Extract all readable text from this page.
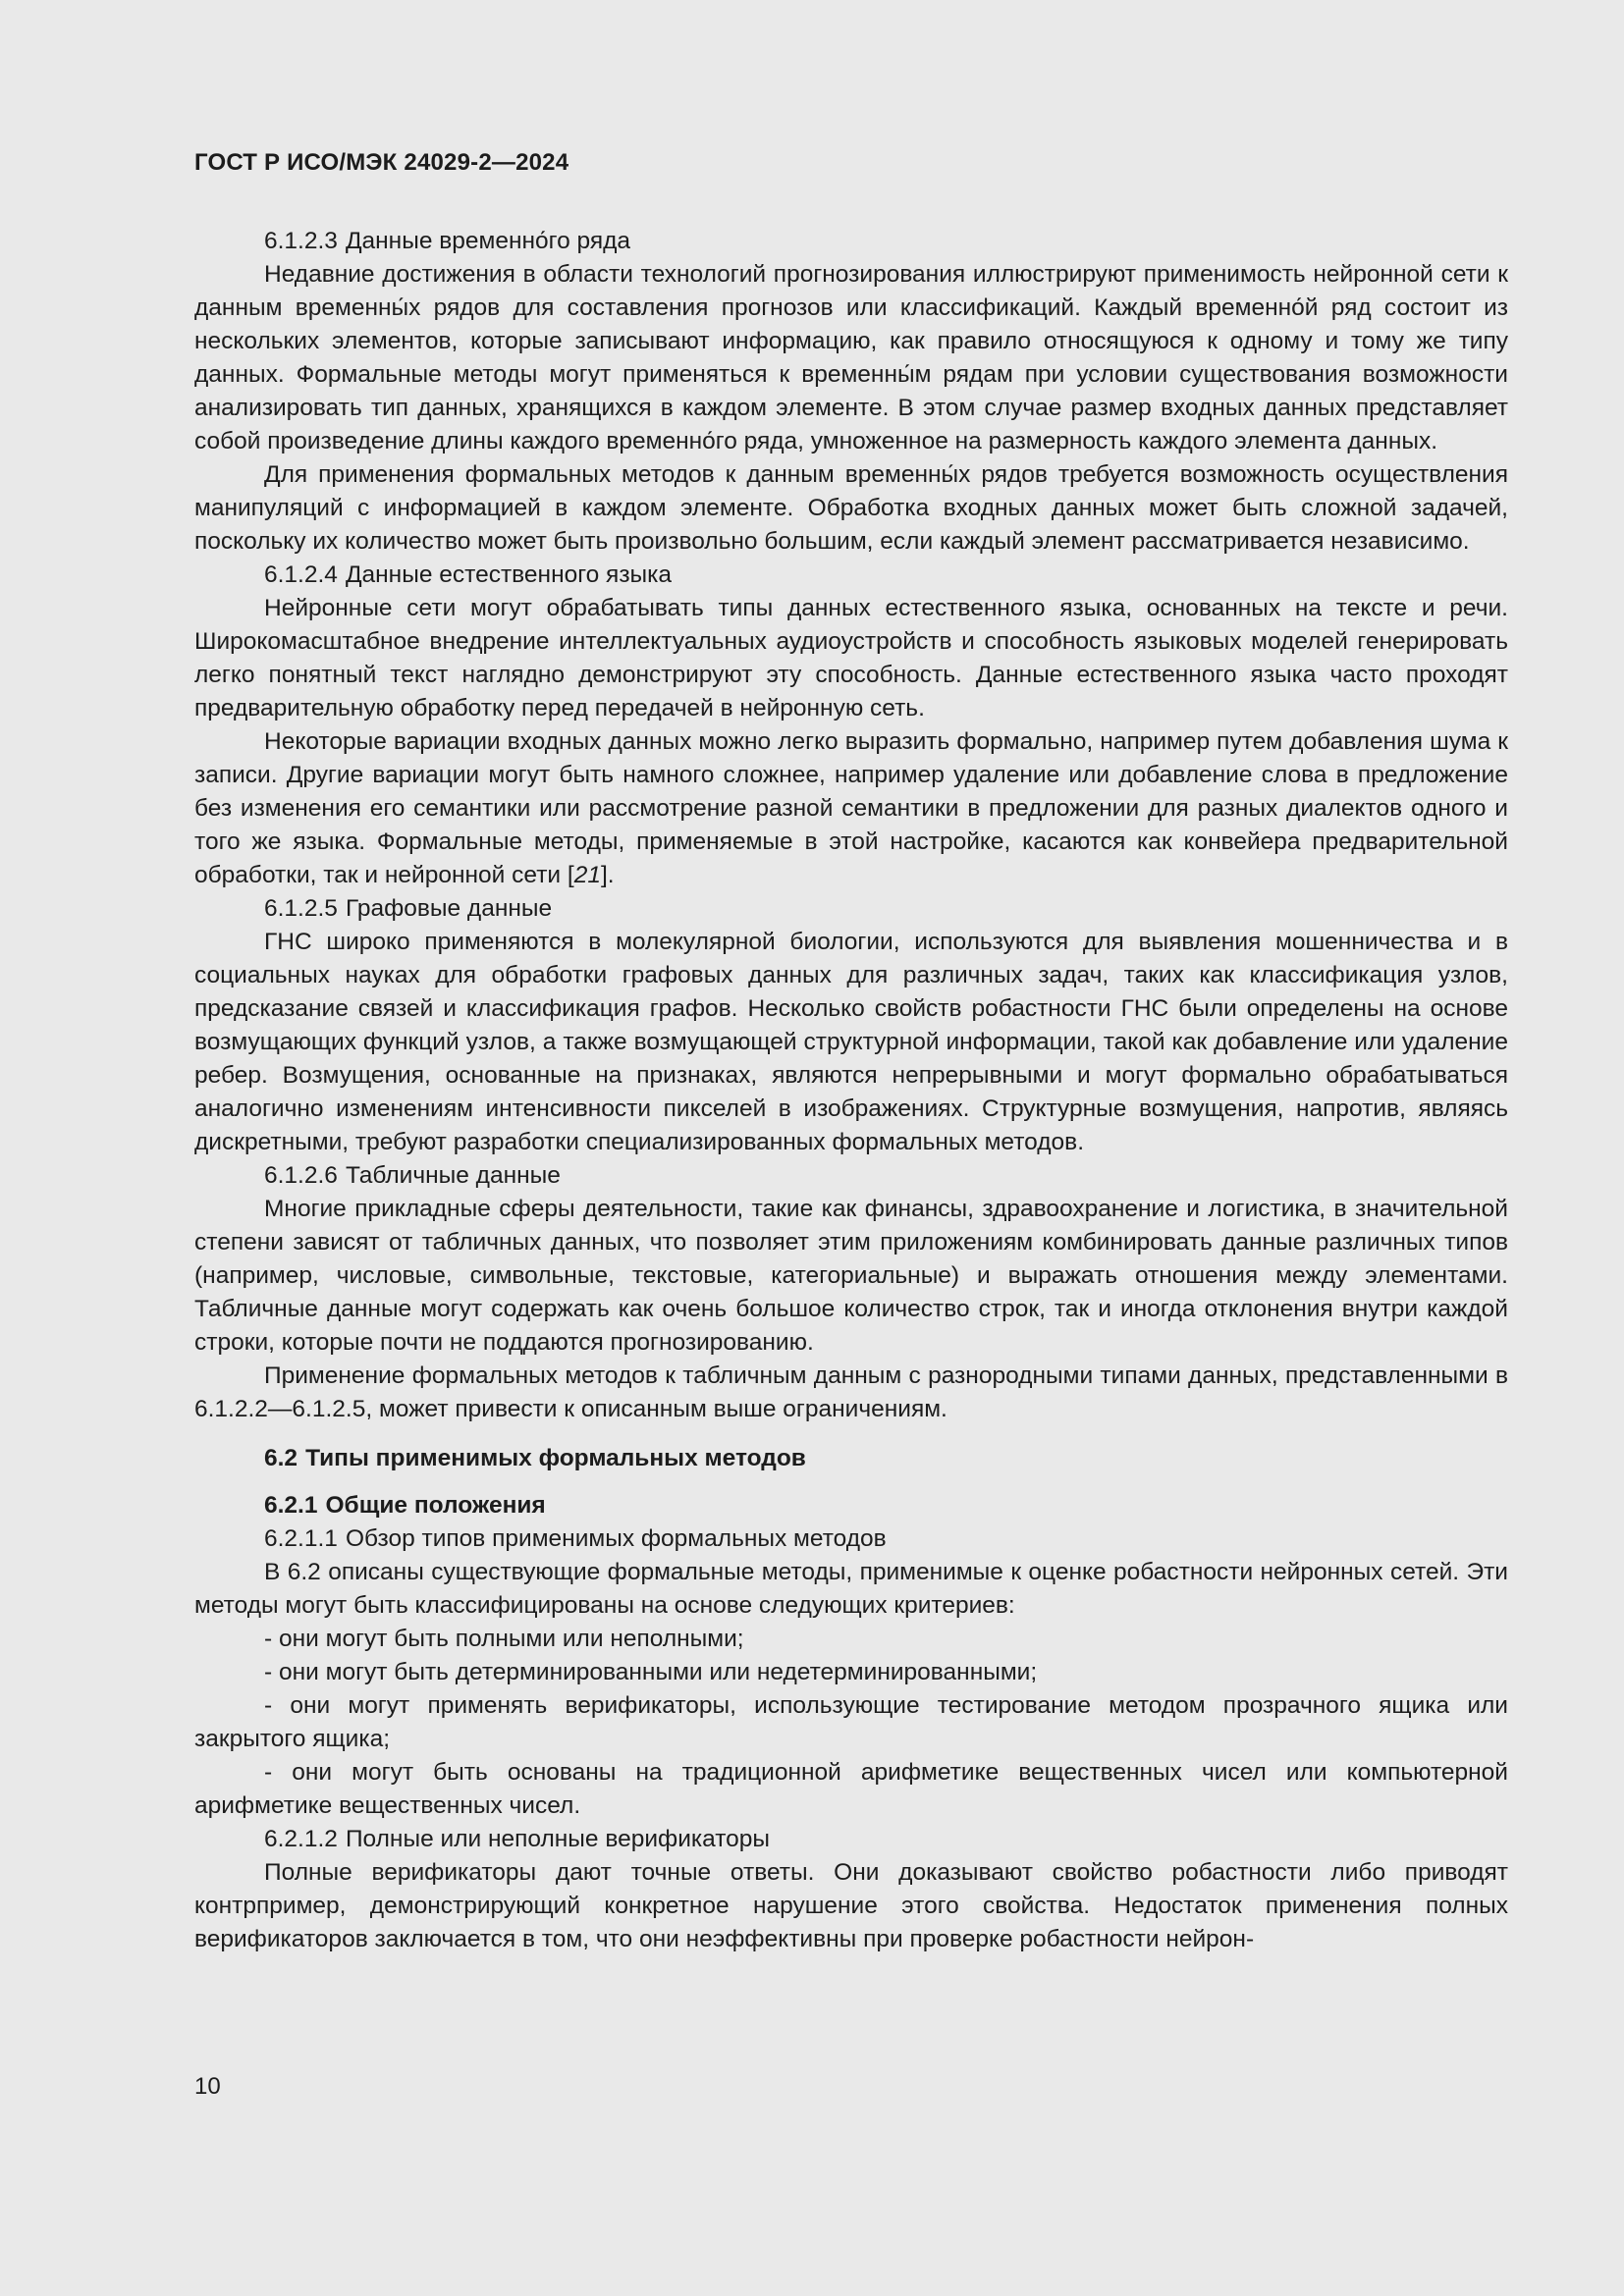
ГОСТ Р ИСО/МЭК 24029-2—2024

6.1.2.3 Данные временно́го ряда

Недавние достижения в области технологий прогнозирования иллюстрируют применимость нейронной сети к данным временны́х рядов для составления прогнозов или классификаций. Каждый временно́й ряд состоит из нескольких элементов, которые записывают информацию, как правило относящуюся к одному и тому же типу данных. Формальные методы могут применяться к временны́м рядам при условии существования возможности анализировать тип данных, хранящихся в каждом элементе. В этом случае размер входных данных представляет собой произведение длины каждого временно́го ряда, умноженное на размерность каждого элемента данных.

Для применения формальных методов к данным временны́х рядов требуется возможность осуществления манипуляций с информацией в каждом элементе. Обработка входных данных может быть сложной задачей, поскольку их количество может быть произвольно большим, если каждый элемент рассматривается независимо.

6.1.2.4 Данные естественного языка

Нейронные сети могут обрабатывать типы данных естественного языка, основанных на тексте и речи. Широкомасштабное внедрение интеллектуальных аудиоустройств и способность языковых моделей генерировать легко понятный текст наглядно демонстрируют эту способность. Данные естественного языка часто проходят предварительную обработку перед передачей в нейронную сеть.

Некоторые вариации входных данных можно легко выразить формально, например путем добавления шума к записи. Другие вариации могут быть намного сложнее, например удаление или добавление слова в предложение без изменения его семантики или рассмотрение разной семантики в предложении для разных диалектов одного и того же языка. Формальные методы, применяемые в этой настройке, касаются как конвейера предварительной обработки, так и нейронной сети [21].

6.1.2.5 Графовые данные

ГНС широко применяются в молекулярной биологии, используются для выявления мошенничества и в социальных науках для обработки графовых данных для различных задач, таких как классификация узлов, предсказание связей и классификация графов. Несколько свойств робастности ГНС были определены на основе возмущающих функций узлов, а также возмущающей структурной информации, такой как добавление или удаление ребер. Возмущения, основанные на признаках, являются непрерывными и могут формально обрабатываться аналогично изменениям интенсивности пикселей в изображениях. Структурные возмущения, напротив, являясь дискретными, требуют разработки специализированных формальных методов.

6.1.2.6 Табличные данные

Многие прикладные сферы деятельности, такие как финансы, здравоохранение и логистика, в значительной степени зависят от табличных данных, что позволяет этим приложениям комбинировать данные различных типов (например, числовые, символьные, текстовые, категориальные) и выражать отношения между элементами. Табличные данные могут содержать как очень большое количество строк, так и иногда отклонения внутри каждой строки, которые почти не поддаются прогнозированию.

Применение формальных методов к табличным данным с разнородными типами данных, представленными в 6.1.2.2—6.1.2.5, может привести к описанным выше ограничениям.

6.2 Типы применимых формальных методов
6.2.1 Общие положения

6.2.1.1 Обзор типов применимых формальных методов

В 6.2 описаны существующие формальные методы, применимые к оценке робастности нейронных сетей. Эти методы могут быть классифицированы на основе следующих критериев:

- они могут быть полными или неполными;

- они могут быть детерминированными или недетерминированными;

- они могут применять верификаторы, использующие тестирование методом прозрачного ящика или закрытого ящика;

- они могут быть основаны на традиционной арифметике вещественных чисел или компьютерной арифметике вещественных чисел.

6.2.1.2 Полные или неполные верификаторы

Полные верификаторы дают точные ответы. Они доказывают свойство робастности либо приводят контрпример, демонстрирующий конкретное нарушение этого свойства. Недостаток применения полных верификаторов заключается в том, что они неэффективны при проверке робастности нейрон-

10
